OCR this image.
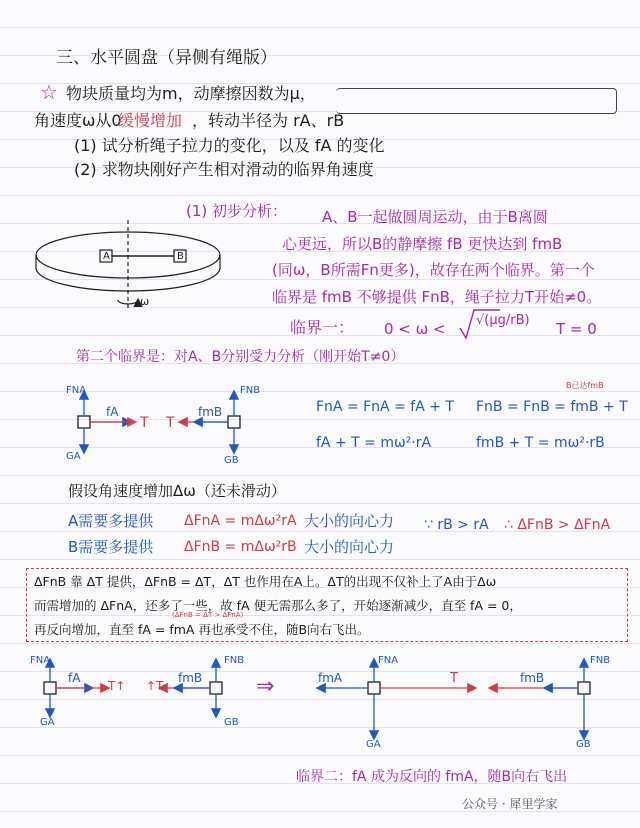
三、水平圆盘（异侧有绳版）
☆ 物块质量均为m，动摩擦因数为μ，
角速度ω从0
缓慢增加 ，转动半径为 rA、rB
(1) 试分析绳子拉力的变化，以及 fA 的变化
(2) 求物块刚好产生相对滑动的临界角速度
A	B
ω
(1) 初步分析： A、B一起做圆周运动，由于B离圆
心更远，所以B的静摩擦 fB 更快达到 fmB
(同ω，B所需Fn更多)，故存在两个临界。第一个
临界是 fmB 不够提供 FnB，绳子拉力T开始≠0。
临界一： 0 < ω < √(μg/rB) T = 0
第二个临界是：对A、B分别受力分析（刚开始T≠0）
FNA
GA
fA
T T
fmB
FNB
GB
FnA = FnA = fA + T FnB = FnB = fmB + T
B已达fmB
fA + T = mω²·rA	fmB + T = mω²·rB
假设角速度增加Δω（还未滑动）
A需要多提供 ΔFnA = mΔω²rA 大小的向心力
B需要多提供 ΔFnB = mΔω²rB 大小的向心力
∵ rB > rA ∴ ΔFnB > ΔFnA
ΔFnB 靠 ΔT 提供，ΔFnB = ΔT，ΔT 也作用在A上。ΔT的出现不仅补上了A由于Δω
而需增加的 ΔFnA，还多了一些，故 fA 便无需那么多了，开始逐渐减少，直至 fA = 0，
(ΔFnB = ΔT > ΔFnA)
再反向增加，直至 fA = fmA 再也承受不住，随B向右飞出。
FNA
GA
fA
T↑ ↑T
fmB
FNB
GB
⇒
FNA
GA
fmA	T	fmB
FNB
GB
临界二：fA 成为反向的 fmA，随B向右飞出
公众号 · 犀里学家
